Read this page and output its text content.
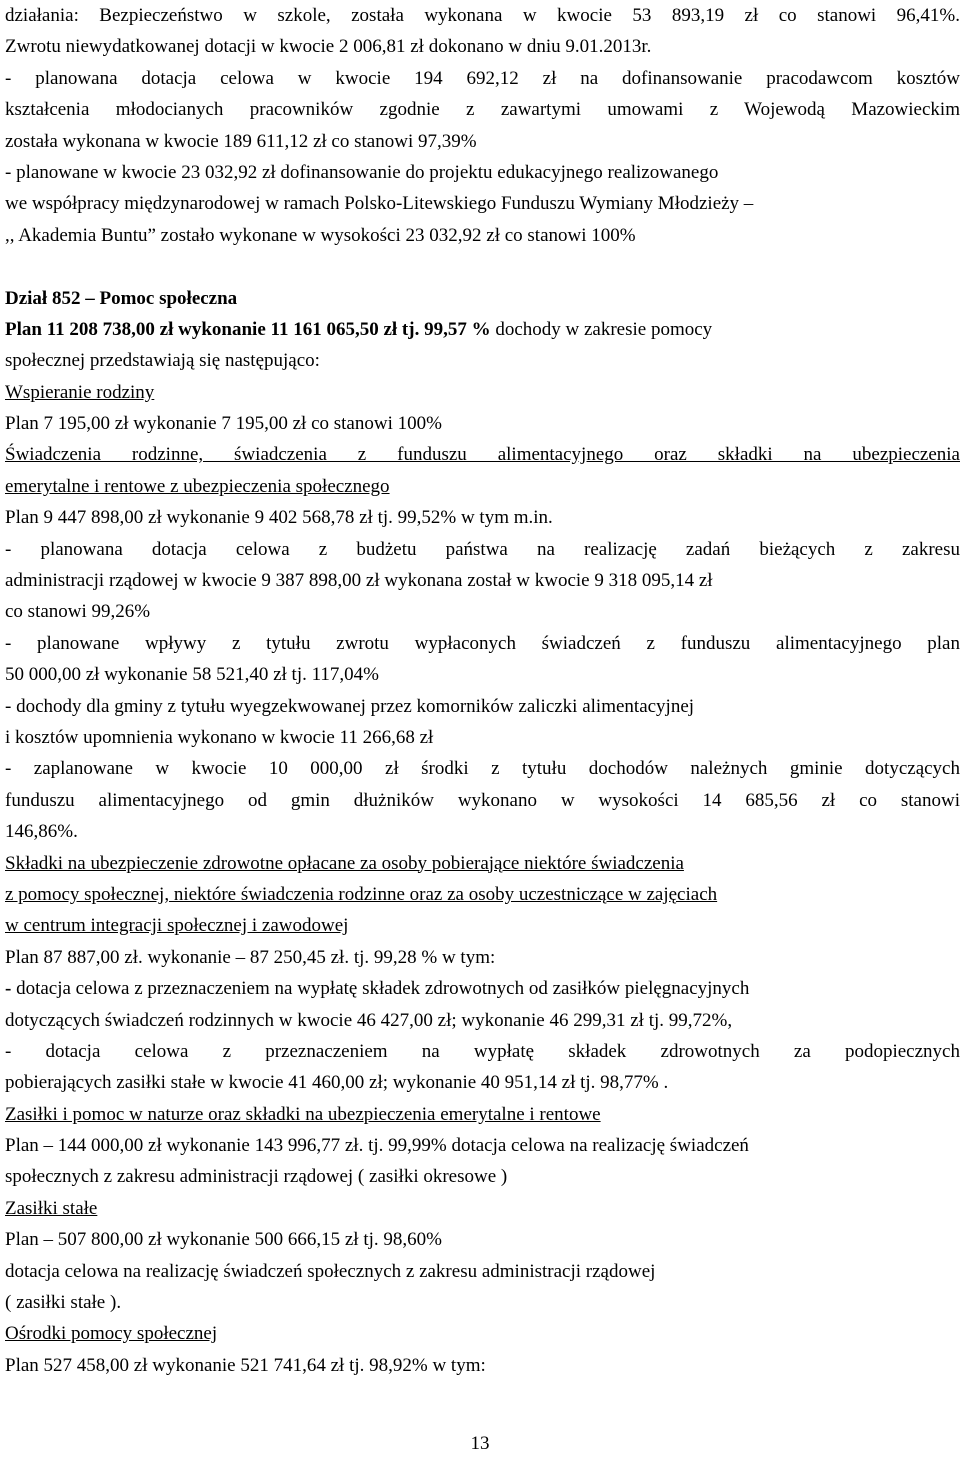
działania: Bezpieczeństwo w szkole, została wykonana w kwocie 53 893,19 zł co stanowi 96,41%.
Zwrotu niewydatkowanej dotacji w kwocie 2 006,81 zł dokonano w dniu 9.01.2013r.
- planowana dotacja celowa w kwocie 194 692,12 zł na dofinansowanie pracodawcom kosztów
kształcenia młodocianych pracowników zgodnie z zawartymi umowami z Wojewodą Mazowieckim
została wykonana w kwocie 189 611,12 zł co stanowi 97,39%
- planowane w kwocie 23 032,92 zł dofinansowanie do projektu edukacyjnego realizowanego
we współpracy międzynarodowej w ramach Polsko-Litewskiego Funduszu Wymiany Młodzieży –
,, Akademia Buntu” zostało wykonane w wysokości 23 032,92 zł co stanowi 100%
Dział 852 – Pomoc społeczna
Plan 11 208 738,00 zł wykonanie 11 161 065,50 zł tj. 99,57 % dochody w zakresie pomocy
społecznej przedstawiają się następująco:
Wspieranie rodziny
Plan 7 195,00 zł wykonanie 7 195,00 zł co stanowi 100%
Świadczenia rodzinne, świadczenia z funduszu alimentacyjnego oraz składki na ubezpieczenia
emerytalne i rentowe z ubezpieczenia społecznego
Plan 9 447 898,00 zł wykonanie 9 402 568,78 zł tj. 99,52% w tym m.in.
- planowana dotacja celowa z budżetu państwa na realizację zadań bieżących z zakresu
administracji rządowej w kwocie 9 387 898,00 zł wykonana został w kwocie 9 318 095,14 zł
co stanowi 99,26%
- planowane wpływy z tytułu zwrotu wypłaconych świadczeń z funduszu alimentacyjnego plan
50 000,00 zł wykonanie 58 521,40 zł tj. 117,04%
- dochody dla gminy z tytułu wyegzekwowanej przez komorników zaliczki alimentacyjnej
i kosztów upomnienia wykonano w kwocie 11 266,68 zł
- zaplanowane w kwocie 10 000,00 zł środki z tytułu dochodów należnych gminie dotyczących
funduszu alimentacyjnego od gmin dłużników wykonano w wysokości 14 685,56 zł co stanowi
146,86%.
Składki na ubezpieczenie zdrowotne opłacane za osoby pobierające niektóre świadczenia
z pomocy społecznej, niektóre świadczenia rodzinne oraz za osoby uczestniczące w zajęciach
w centrum integracji społecznej i zawodowej
Plan 87 887,00 zł. wykonanie – 87 250,45 zł. tj. 99,28 % w tym:
- dotacja celowa z przeznaczeniem na wypłatę składek zdrowotnych od zasiłków pielęgnacyjnych
dotyczących świadczeń rodzinnych w kwocie 46 427,00 zł; wykonanie 46 299,31 zł tj. 99,72%,
- dotacja celowa z przeznaczeniem na wypłatę składek zdrowotnych za podopiecznych
pobierających zasiłki stałe w kwocie 41 460,00 zł; wykonanie 40 951,14 zł tj. 98,77% .
Zasiłki i pomoc w naturze oraz składki na ubezpieczenia emerytalne i rentowe
Plan – 144 000,00 zł wykonanie 143 996,77 zł. tj. 99,99% dotacja celowa na realizację świadczeń
społecznych z zakresu administracji rządowej ( zasiłki okresowe )
Zasiłki stałe
Plan – 507 800,00 zł wykonanie 500 666,15 zł tj. 98,60%
dotacja celowa na realizację świadczeń społecznych z zakresu administracji rządowej
( zasiłki stałe ).
Ośrodki pomocy społecznej
Plan 527 458,00 zł wykonanie 521 741,64 zł tj. 98,92% w tym:
13
